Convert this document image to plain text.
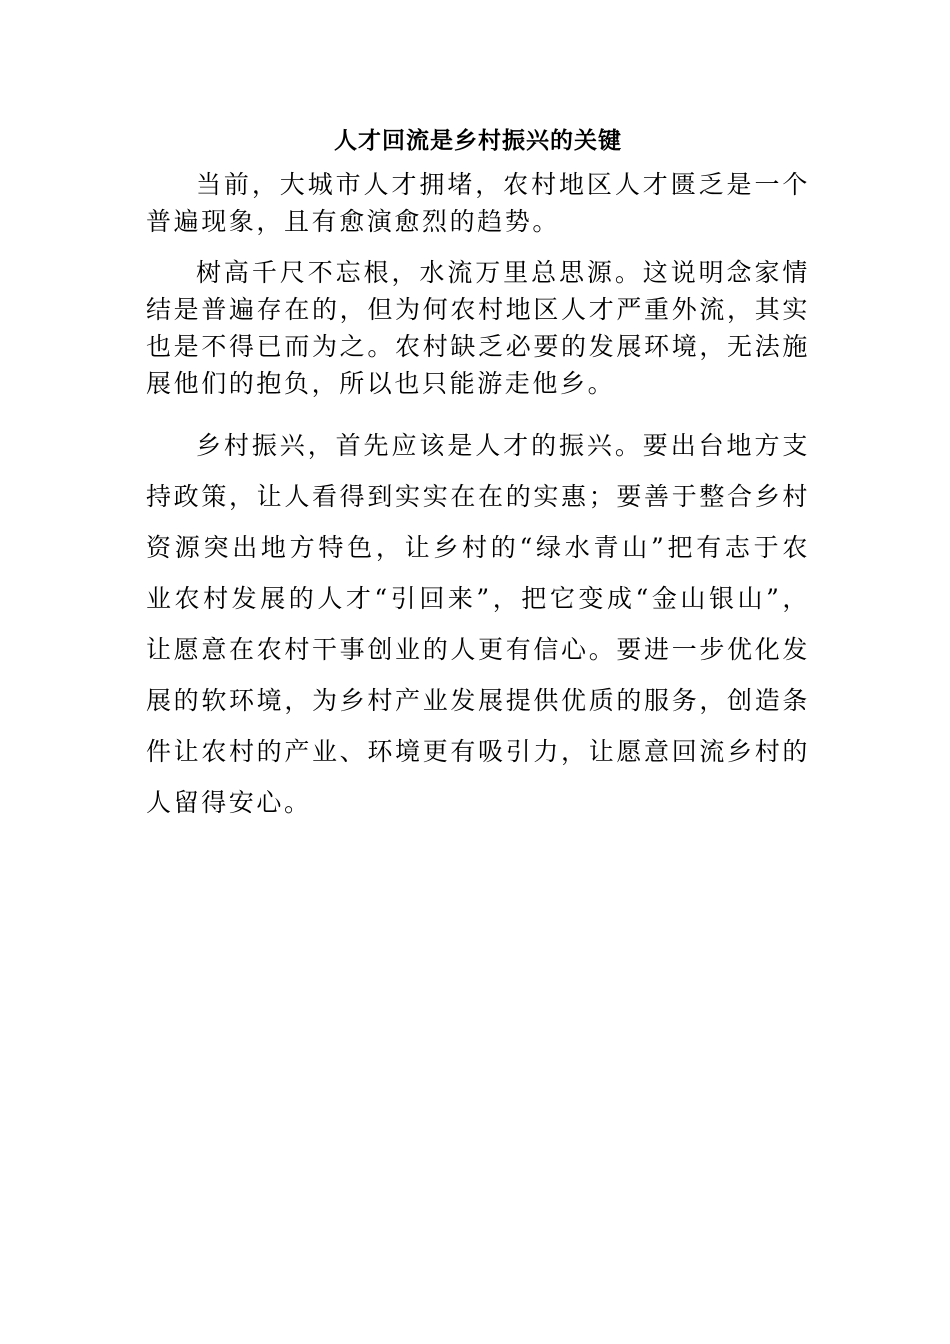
人才回流是乡村振兴的关键

当前，大城市人才拥堵，农村地区人才匮乏是一个普遍现象，且有愈演愈烈的趋势。

树高千尺不忘根，水流万里总思源。这说明念家情结是普遍存在的，但为何农村地区人才严重外流，其实也是不得已而为之。农村缺乏必要的发展环境，无法施展他们的抱负，所以也只能游走他乡。

乡村振兴，首先应该是人才的振兴。要出台地方支持政策，让人看得到实实在在的实惠；要善于整合乡村资源突出地方特色，让乡村的“绿水青山”把有志于农业农村发展的人才“引回来”，把它变成“金山银山”，让愿意在农村干事创业的人更有信心。要进一步优化发展的软环境，为乡村产业发展提供优质的服务，创造条件让农村的产业、环境更有吸引力，让愿意回流乡村的人留得安心。
